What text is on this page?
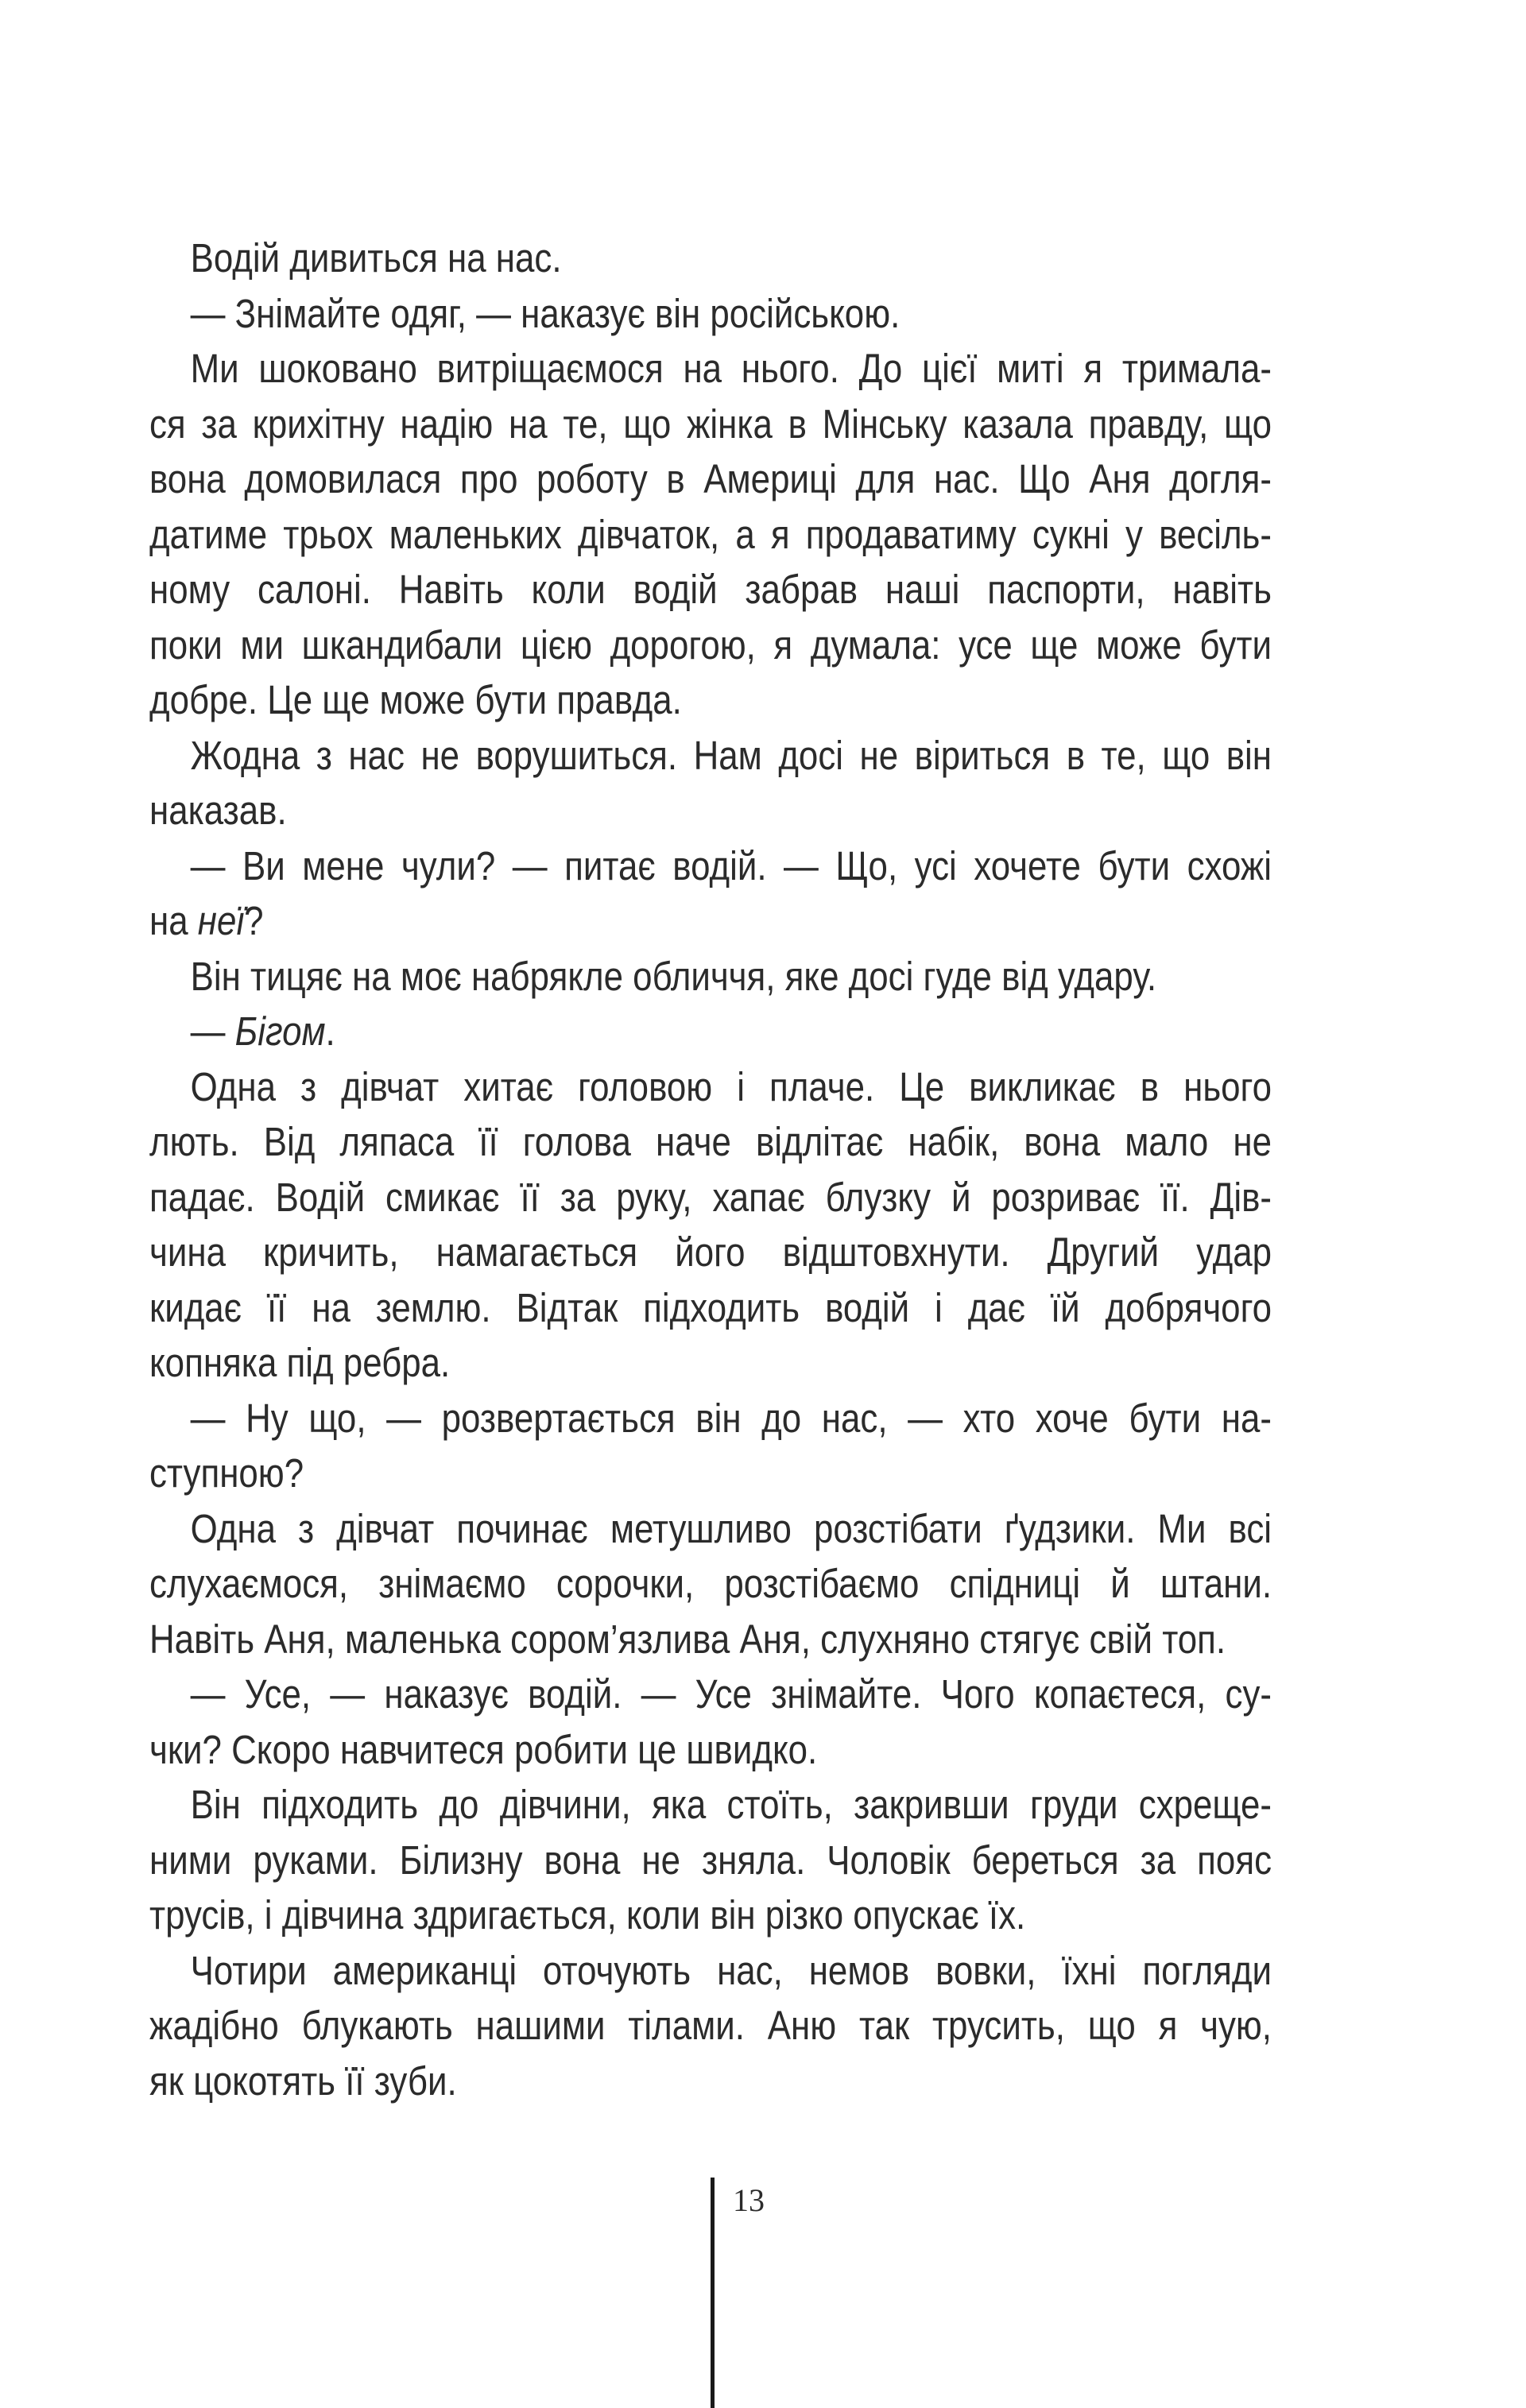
Водій дивиться на нас.
— Знімайте одяг, — наказує він російською.
Ми шоковано витріщаємося на нього. До цієї миті я трималa-
ся за крихітну надію на те, що жінка в Мінську казала правду, що
вона домовилася про роботу в Америці для нас. Що Аня догля-
датиме трьох маленьких дівчаток, а я продаватиму сукні у весіль-
ному салоні. Навіть коли водій забрав наші паспорти, навіть
поки ми шкандибали цією дорогою, я думала: усе ще може бути
добре. Це ще може бути правда.
Жодна з нас не ворушиться. Нам досі не віриться в те, що він
наказав.
— Ви мене чули? — питає водій. — Що, усі хочете бути схожі
на неї?
Він тицяє на моє набрякле обличчя, яке досі гуде від удару.
— Бігом.
Одна з дівчат хитає головою і плаче. Це викликає в нього
лють. Від ляпаса її голова наче відлітає набік, вона мало не
падає. Водій смикає її за руку, хапає блузку й розриває її. Дів-
чина кричить, намагається його відштовхнути. Другий удар
кидає її на землю. Відтак підходить водій і дає їй добрячого
копняка під ребра.
— Ну що, — розвертається він до нас, — хто хоче бути на-
ступною?
Одна з дівчат починає метушливо розстібати ґудзики. Ми всі
слухаємося, знімаємо сорочки, розстібаємо спідниці й штани.
Навіть Аня, маленька сором’язлива Аня, слухняно стягує свій топ.
— Усе, — наказує водій. — Усе знімайте. Чого копаєтеся, су-
чки? Скоро навчитеся робити це швидко.
Він підходить до дівчини, яка стоїть, закривши груди схреще-
ними руками. Білизну вона не зняла. Чоловік береться за пояс
трусів, і дівчина здригається, коли він різко опускає їх.
Чотири американці оточують нас, немов вовки, їхні погляди
жадібно блукають нашими тілами. Аню так трусить, що я чую,
як цокотять її зуби.
13
